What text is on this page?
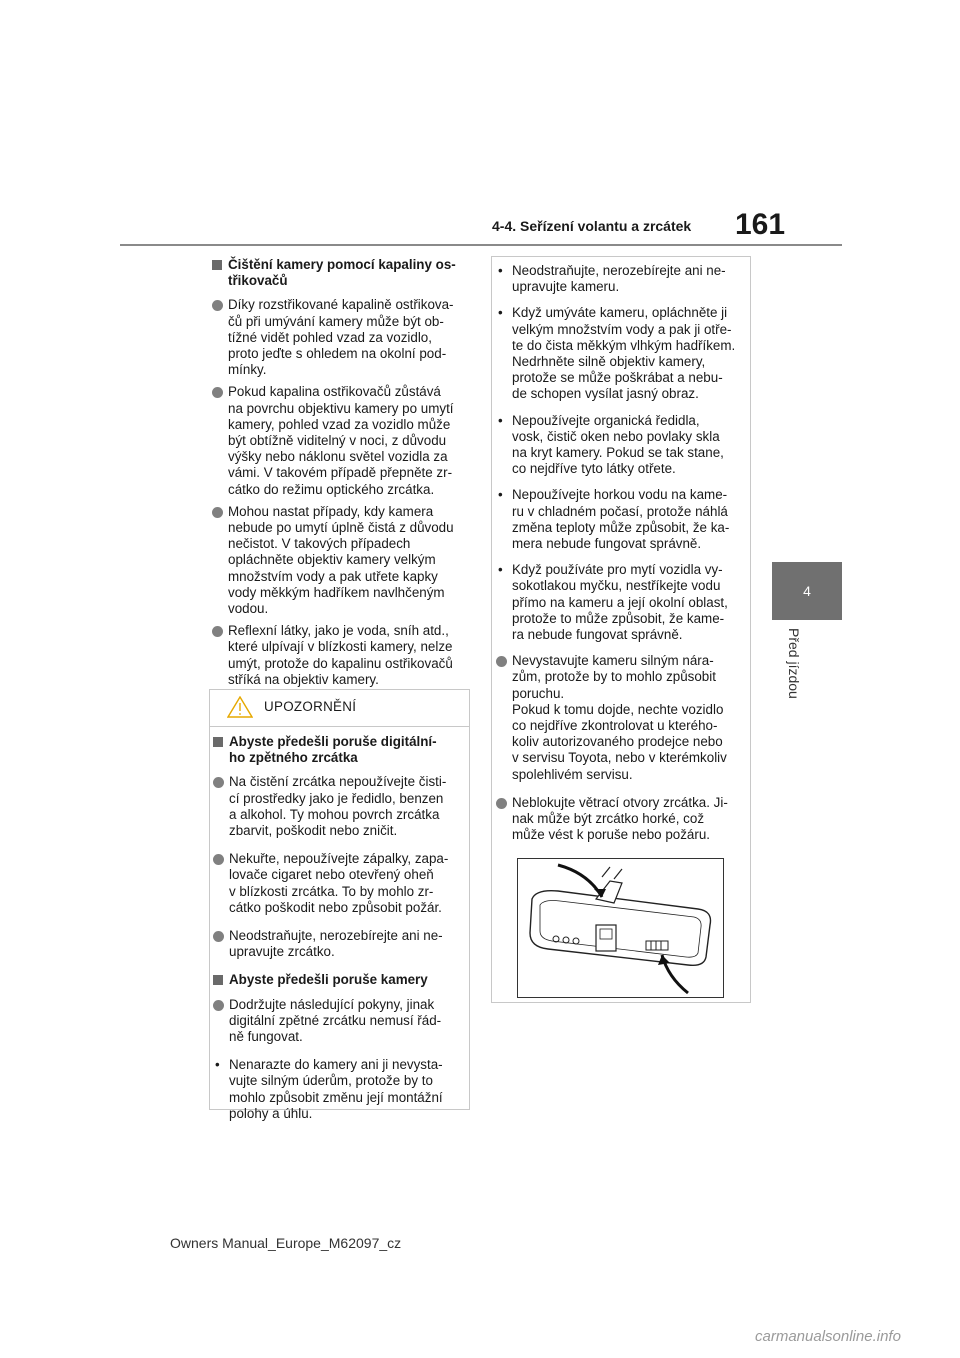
4-4. Seřízení volantu a zrcátek 161
4
Před jízdou
Čištění kamery pomocí kapaliny os-
třikovačů
Díky rozstřikované kapalině ostřikova-
čů při umývání kamery může být ob-
tížné vidět pohled vzad za vozidlo,
proto jeďte s ohledem na okolní pod-
mínky.
Pokud kapalina ostřikovačů zůstává
na povrchu objektivu kamery po umytí
kamery, pohled vzad za vozidlo může
být obtížně viditelný v noci, z důvodu
výšky nebo náklonu světel vozidla za
vámi. V takovém případě přepněte zr-
cátko do režimu optického zrcátka.
Mohou nastat případy, kdy kamera
nebude po umytí úplně čistá z důvodu
nečistot. V takových případech
opláchněte objektiv kamery velkým
množstvím vody a pak utřete kapky
vody měkkým hadříkem navlhčeným
vodou.
Reflexní látky, jako je voda, sníh atd.,
které ulpívají v blízkosti kamery, nelze
umýt, protože do kapalinu ostřikovačů
stříká na objektiv kamery.
UPOZORNĚNÍ
Abyste předešli poruše digitální-
ho zpětného zrcátka
Na čistění zrcátka nepoužívejte čisti-
cí prostředky jako je ředidlo, benzen
a alkohol. Ty mohou povrch zrcátka
zbarvit, poškodit nebo zničit.
Nekuřte, nepoužívejte zápalky, zapa-
lovače cigaret nebo otevřený oheň
v blízkosti zrcátka. To by mohlo zr-
cátko poškodit nebo způsobit požár.
Neodstraňujte, nerozebírejte ani ne-
upravujte zrcátko.
Abyste předešli poruše kamery
Dodržujte následující pokyny, jinak
digitální zpětné zrcátku nemusí řád-
ně fungovat.
• Nenarazte do kamery ani ji nevysta-
vujte silným úderům, protože by to
mohlo způsobit změnu její montážní
polohy a úhlu.
• Neodstraňujte, nerozebírejte ani ne-
upravujte kameru.
• Když umýváte kameru, opláchněte ji
velkým množstvím vody a pak ji otře-
te do čista měkkým vlhkým hadříkem.
Nedrhněte silně objektiv kamery,
protože se může poškrábat a nebu-
de schopen vysílat jasný obraz.
• Nepoužívejte organická ředidla,
vosk, čistič oken nebo povlaky skla
na kryt kamery. Pokud se tak stane,
co nejdříve tyto látky otřete.
• Nepoužívejte horkou vodu na kame-
ru v chladném počasí, protože náhlá
změna teploty může způsobit, že ka-
mera nebude fungovat správně.
• Když používáte pro mytí vozidla vy-
sokotlakou myčku, nestříkejte vodu
přímo na kameru a její okolní oblast,
protože to může způsobit, že kame-
ra nebude fungovat správně.
Nevystavujte kameru silným nára-
zům, protože by to mohlo způsobit
poruchu.
Pokud k tomu dojde, nechte vozidlo
co nejdříve zkontrolovat u kterého-
koliv autorizovaného prodejce nebo
v servisu Toyota, nebo v kterémkoliv
spolehlivém servisu.
Neblokujte větrací otvory zrcátka. Ji-
nak může být zrcátko horké, což
může vést k poruše nebo požáru.
Owners Manual_Europe_M62097_cz
carmanualsonline.info
